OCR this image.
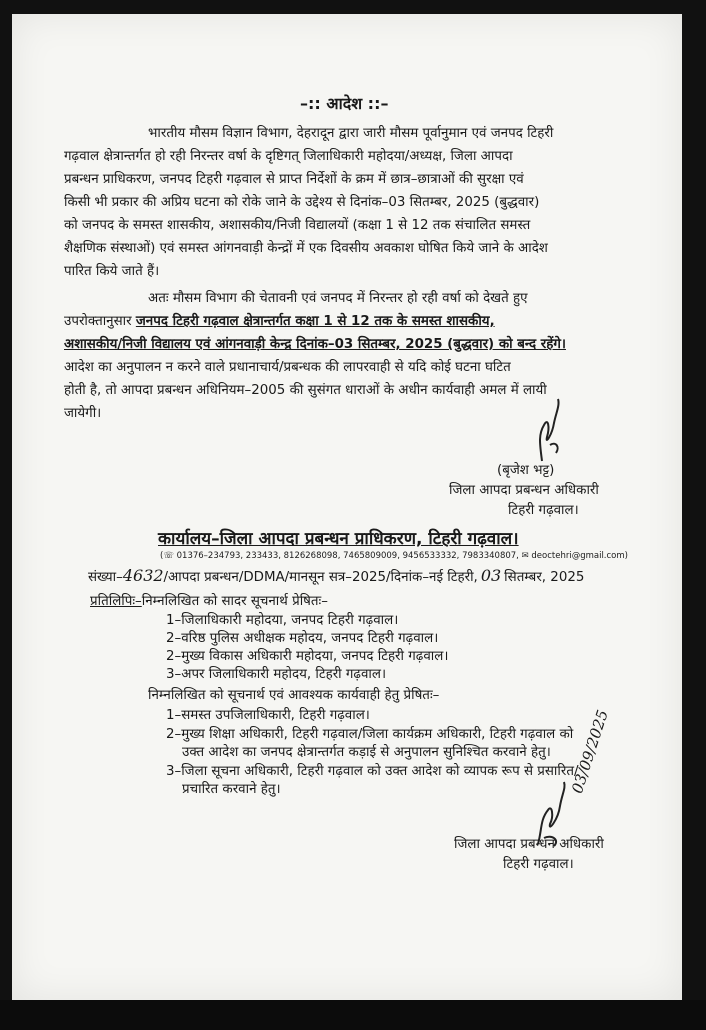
–:: आदेश ::–
भारतीय मौसम विज्ञान विभाग, देहरादून द्वारा जारी मौसम पूर्वानुमान एवं जनपद टिहरी
गढ़वाल क्षेत्रान्तर्गत हो रही निरन्तर वर्षा के दृष्टिगत् जिलाधिकारी महोदया/अध्यक्ष, जिला आपदा
प्रबन्धन प्राधिकरण, जनपद टिहरी गढ़वाल से प्राप्त निर्देशों के क्रम में छात्र–छात्राओं की सुरक्षा एवं
किसी भी प्रकार की अप्रिय घटना को रोके जाने के उद्देश्य से दिनांक–03 सितम्बर, 2025 (बुद्धवार)
को जनपद के समस्त शासकीय, अशासकीय/निजी विद्यालयों (कक्षा 1 से 12 तक संचालित समस्त
शैक्षणिक संस्थाओं) एवं समस्त आंगनवाड़ी केन्द्रों में एक दिवसीय अवकाश घोषित किये जाने के आदेश
पारित किये जाते हैं।
अतः मौसम विभाग की चेतावनी एवं जनपद में निरन्तर हो रही वर्षा को देखते हुए
उपरोक्तानुसार जनपद टिहरी गढ़वाल क्षेत्रान्तर्गत कक्षा 1 से 12 तक के समस्त शासकीय,
अशासकीय/निजी विद्यालय एवं आंगनवाड़ी केन्द्र दिनांक–03 सितम्बर, 2025 (बुद्धवार) को बन्द रहेंगे।
आदेश का अनुपालन न करने वाले प्रधानाचार्य/प्रबन्धक की लापरवाही से यदि कोई घटना घटित
होती है, तो आपदा प्रबन्धन अधिनियम–2005 की सुसंगत धाराओं के अधीन कार्यवाही अमल में लायी
जायेगी।
(बृजेश भट्ट)
जिला आपदा प्रबन्धन अधिकारी
टिहरी गढ़वाल।
कार्यालय–जिला आपदा प्रबन्धन प्राधिकरण, टिहरी गढ़वाल।
(☏ 01376–234793, 233433, 8126268098, 7465809009, 9456533332, 7983340807, ✉ deoctehri@gmail.com)
संख्या–4632/आपदा प्रबन्धन/DDMA/मानसून सत्र–2025/दिनांक–नई टिहरी, 03 सितम्बर, 2025
प्रतिलिपिः–निम्नलिखित को सादर सूचनार्थ प्रेषितः–
1–जिलाधिकारी महोदया, जनपद टिहरी गढ़वाल।
2–वरिष्ठ पुलिस अधीक्षक महोदय, जनपद टिहरी गढ़वाल।
2–मुख्य विकास अधिकारी महोदया, जनपद टिहरी गढ़वाल।
3–अपर जिलाधिकारी महोदय, टिहरी गढ़वाल।
निम्नलिखित को सूचनार्थ एवं आवश्यक कार्यवाही हेतु प्रेषितः–
1–समस्त उपजिलाधिकारी, टिहरी गढ़वाल।
2–मुख्य शिक्षा अधिकारी, टिहरी गढ़वाल/जिला कार्यक्रम अधिकारी, टिहरी गढ़वाल को
उक्त आदेश का जनपद क्षेत्रान्तर्गत कड़ाई से अनुपालन सुनिश्चित करवाने हेतु।
3–जिला सूचना अधिकारी, टिहरी गढ़वाल को उक्त आदेश को व्यापक रूप से प्रसारित/
प्रचारित करवाने हेतु।	03/09/2025
जिला आपदा प्रबन्धन अधिकारी
टिहरी गढ़वाल।
